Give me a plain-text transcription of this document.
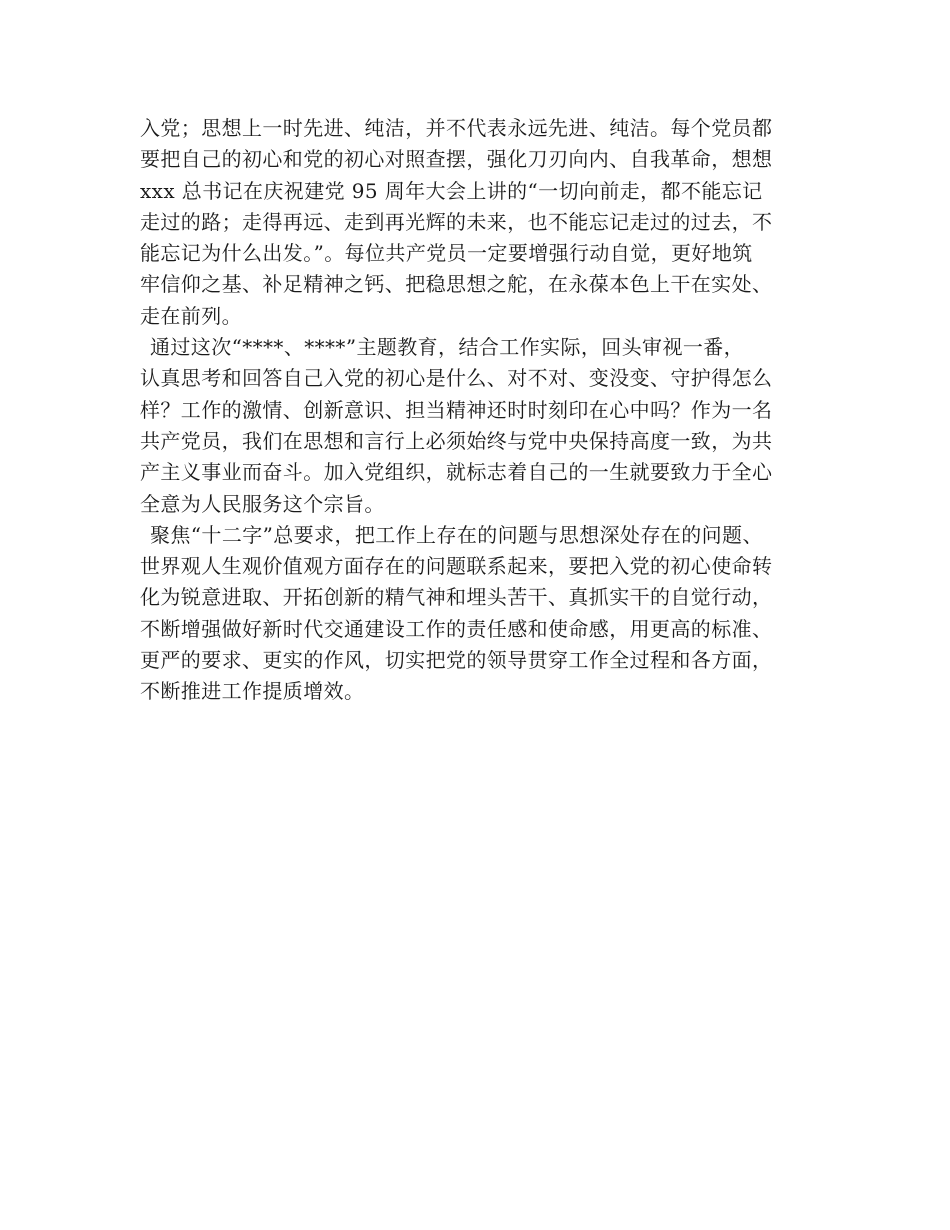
入党；思想上一时先进、纯洁，并不代表永远先进、纯洁。每个党员都
要把自己的初心和党的初心对照查摆，强化刀刃向内、自我革命，想想
xxx 总书记在庆祝建党 95 周年大会上讲的“一切向前走，都不能忘记
走过的路；走得再远、走到再光辉的未来，也不能忘记走过的过去，不
能忘记为什么出发。”。每位共产党员一定要增强行动自觉，更好地筑
牢信仰之基、补足精神之钙、把稳思想之舵，在永葆本色上干在实处、
走在前列。
通过这次“****、****”主题教育，结合工作实际，回头审视一番，
认真思考和回答自己入党的初心是什么、对不对、变没变、守护得怎么
样？工作的激情、创新意识、担当精神还时时刻印在心中吗？作为一名
共产党员，我们在思想和言行上必须始终与党中央保持高度一致，为共
产主义事业而奋斗。加入党组织，就标志着自己的一生就要致力于全心
全意为人民服务这个宗旨。
聚焦“十二字”总要求，把工作上存在的问题与思想深处存在的问题、
世界观人生观价值观方面存在的问题联系起来，要把入党的初心使命转
化为锐意进取、开拓创新的精气神和埋头苦干、真抓实干的自觉行动，
不断增强做好新时代交通建设工作的责任感和使命感，用更高的标准、
更严的要求、更实的作风，切实把党的领导贯穿工作全过程和各方面，
不断推进工作提质增效。
